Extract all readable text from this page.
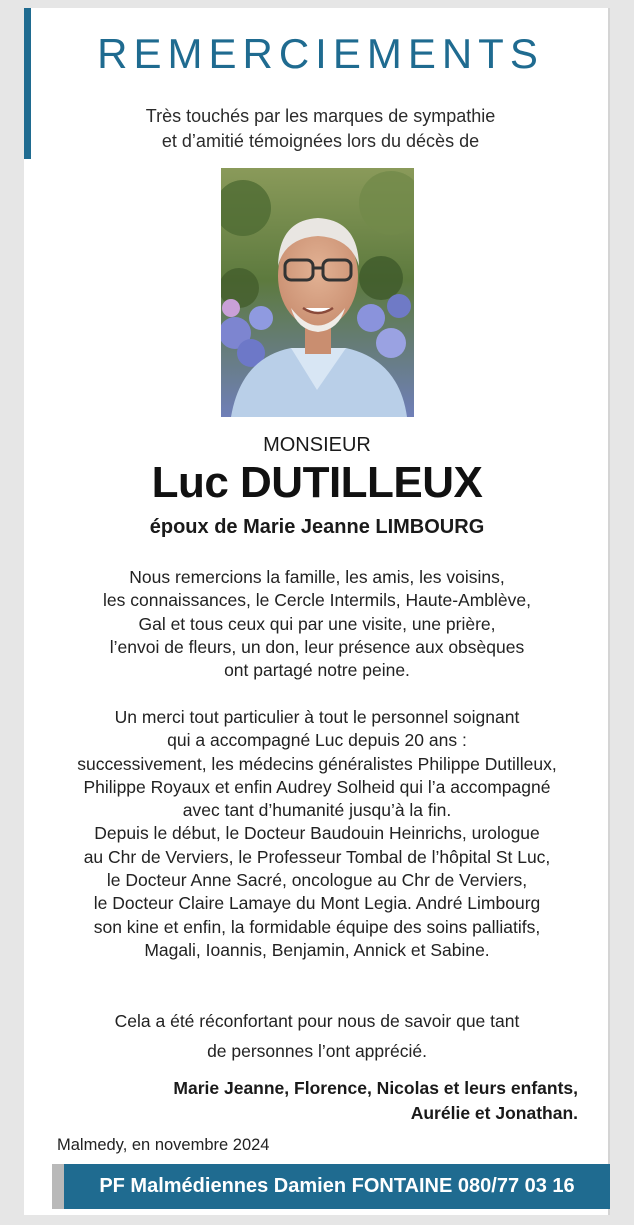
REMERCIEMENTS

Très touchés par les marques de sympathie
et d’amitié témoignées lors du décès de

MONSIEUR
Luc DUTILLEUX
époux de Marie Jeanne LIMBOURG

Nous remercions la famille, les amis, les voisins,
les connaissances, le Cercle Intermils, Haute-Amblève,
Gal et tous ceux qui par une visite, une prière,
l’envoi de fleurs, un don, leur présence aux obsèques
ont partagé notre peine.

Un merci tout particulier à tout le personnel soignant
qui a accompagné Luc depuis 20 ans :
successivement, les médecins généralistes Philippe Dutilleux,
Philippe Royaux et enfin Audrey Solheid qui l’a accompagné
avec tant d’humanité jusqu’à la fin.
Depuis le début, le Docteur Baudouin Heinrichs, urologue
au Chr de Verviers, le Professeur Tombal de l’hôpital St Luc,
le Docteur Anne Sacré, oncologue au Chr de Verviers,
le Docteur Claire Lamaye du Mont Legia. André Limbourg
son kine et enfin, la formidable équipe des soins palliatifs,
Magali, Ioannis, Benjamin, Annick et Sabine.

Cela a été réconfortant pour nous de savoir que tant
de personnes l’ont apprécié.

Marie Jeanne, Florence, Nicolas et leurs enfants,
Aurélie et Jonathan.
Malmedy, en novembre 2024
PF Malmédiennes Damien FONTAINE 080/77 03 16
